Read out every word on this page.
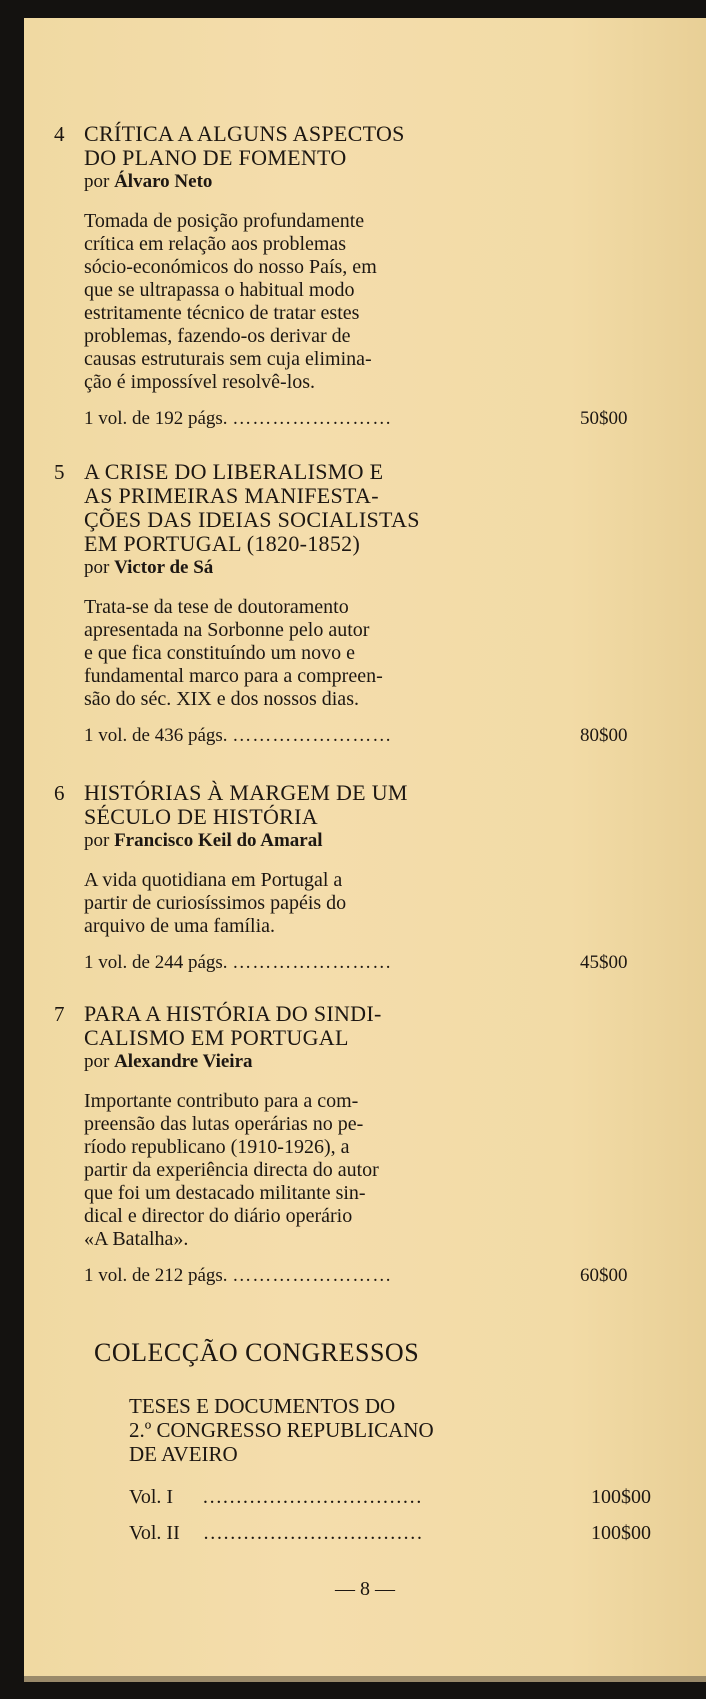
4 CRÍTICA A ALGUNS ASPECTOS
DO PLANO DE FOMENTO

por Álvaro Neto

Tomada de posição profundamente
crítica em relação aos problemas
sócio-económicos do nosso País, em
que se ultrapassa o habitual modo
estritamente técnico de tratar estes
problemas, fazendo-os derivar de
causas estruturais sem cuja elimina-
ção é impossível resolvê-los.
1 vol. de 192 págs. ……………………	50$00
5 A CRISE DO LIBERALISMO E
AS PRIMEIRAS MANIFESTA-
ÇÕES DAS IDEIAS SOCIALISTAS
EM PORTUGAL (1820-1852)

por Victor de Sá

Trata-se da tese de doutoramento
apresentada na Sorbonne pelo autor
e que fica constituíndo um novo e
fundamental marco para a compreen-
são do séc. XIX e dos nossos dias.
1 vol. de 436 págs. ……………………	80$00
6 HISTÓRIAS À MARGEM DE UM
SÉCULO DE HISTÓRIA

por Francisco Keil do Amaral

A vida quotidiana em Portugal a
partir de curiosíssimos papéis do
arquivo de uma família.
1 vol. de 244 págs. ……………………	45$00
7 PARA A HISTÓRIA DO SINDI-
CALISMO EM PORTUGAL

por Alexandre Vieira

Importante contributo para a com-
preensão das lutas operárias no pe-
ríodo republicano (1910-1926), a
partir da experiência directa do autor
que foi um destacado militante sin-
dical e director do diário operário
«A Batalha».
1 vol. de 212 págs. ……………………	60$00
COLECÇÃO CONGRESSOS

TESES E DOCUMENTOS DO
2.º CONGRESSO REPUBLICANO
DE AVEIRO

Vol. I ……………………………	100$00
Vol. II ……………………………	100$00
— 8 —
